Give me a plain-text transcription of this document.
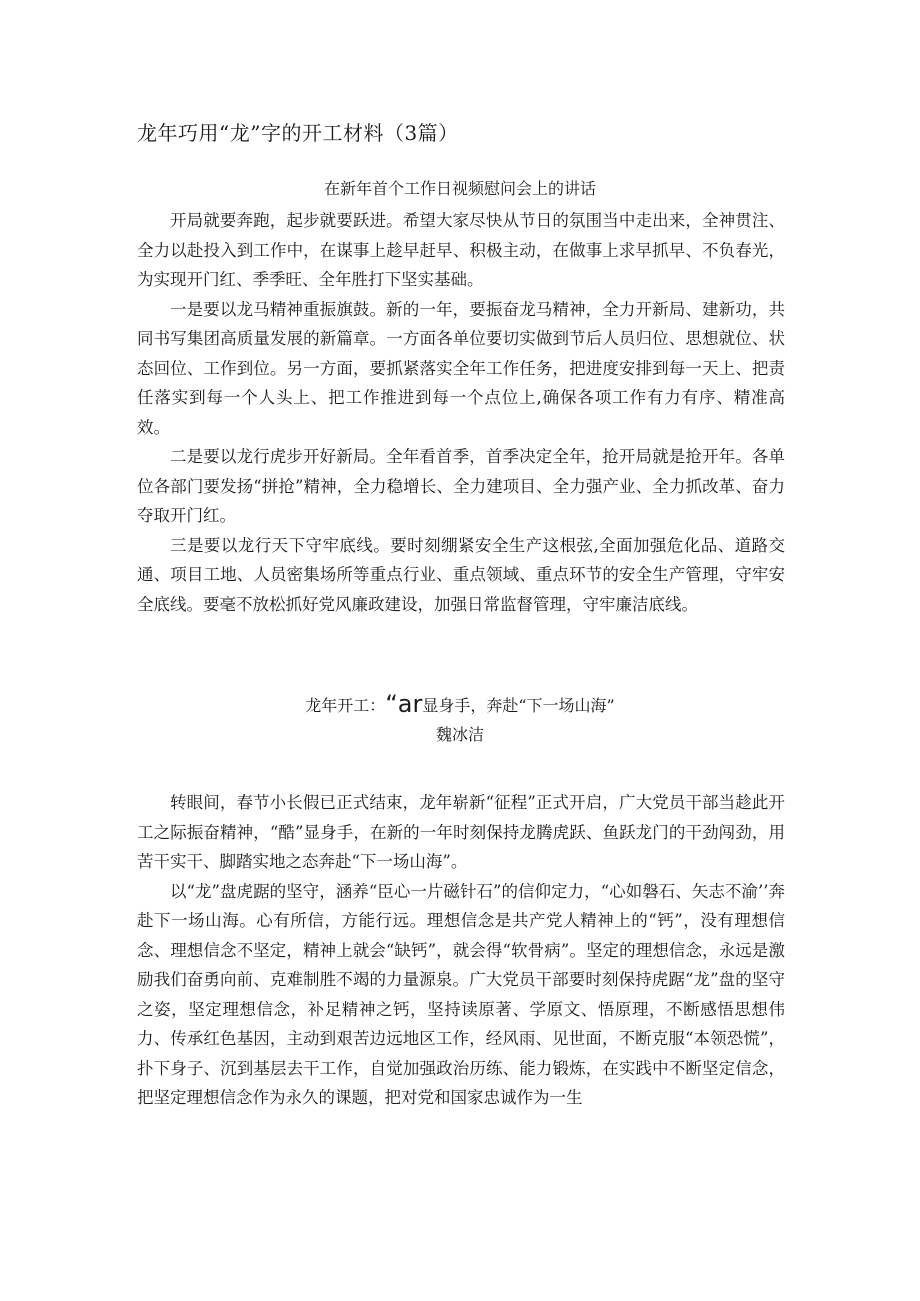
龙年巧用“龙”字的开工材料（3篇）
在新年首个工作日视频慰问会上的讲话

开局就要奔跑，起步就要跃进。希望大家尽快从节日的氛围当中走出来，全神贯注、全力以赴投入到工作中，在谋事上趁早赶早、积极主动，在做事上求早抓早、不负春光，为实现开门红、季季旺、全年胜打下坚实基础。

一是要以龙马精神重振旗鼓。新的一年，要振奋龙马精神，全力开新局、建新功，共同书写集团高质量发展的新篇章。一方面各单位要切实做到节后人员归位、思想就位、状态回位、工作到位。另一方面，要抓紧落实全年工作任务，把进度安排到每一天上、把责任落实到每一个人头上、把工作推进到每一个点位上,确保各项工作有力有序、精准高效。

二是要以龙行虎步开好新局。全年看首季，首季决定全年，抢开局就是抢开年。各单位各部门要发扬“拼抢”精神，全力稳增长、全力建项目、全力强产业、全力抓改革、奋力夺取开门红。

三是要以龙行天下守牢底线。要时刻绷紧安全生产这根弦,全面加强危化品、道路交通、项目工地、人员密集场所等重点行业、重点领域、重点环节的安全生产管理，守牢安全底线。要毫不放松抓好党风廉政建设，加强日常监督管理，守牢廉洁底线。

龙年开工：“ar显身手，奔赴“下一场山海”
魏冰洁

转眼间，春节小长假已正式结束，龙年崭新“征程”正式开启，广大党员干部当趁此开工之际振奋精神，“酷”显身手，在新的一年时刻保持龙腾虎跃、鱼跃龙门的干劲闯劲，用苦干实干、脚踏实地之态奔赴“下一场山海”。

以“龙”盘虎踞的坚守，涵养“臣心一片磁针石”的信仰定力，“心如磐石、矢志不渝’’奔赴下一场山海。心有所信，方能行远。理想信念是共产党人精神上的“钙”，没有理想信念、理想信念不坚定，精神上就会“缺钙”，就会得“软骨病”。坚定的理想信念，永远是激励我们奋勇向前、克难制胜不竭的力量源泉。广大党员干部要时刻保持虎踞“龙”盘的坚守之姿，坚定理想信念，补足精神之钙，坚持读原著、学原文、悟原理，不断感悟思想伟力、传承红色基因，主动到艰苦边远地区工作，经风雨、见世面，不断克服“本领恐慌”，扑下身子、沉到基层去干工作，自觉加强政治历练、能力锻炼，在实践中不断坚定信念，把坚定理想信念作为永久的课题，把对党和国家忠诚作为一生
